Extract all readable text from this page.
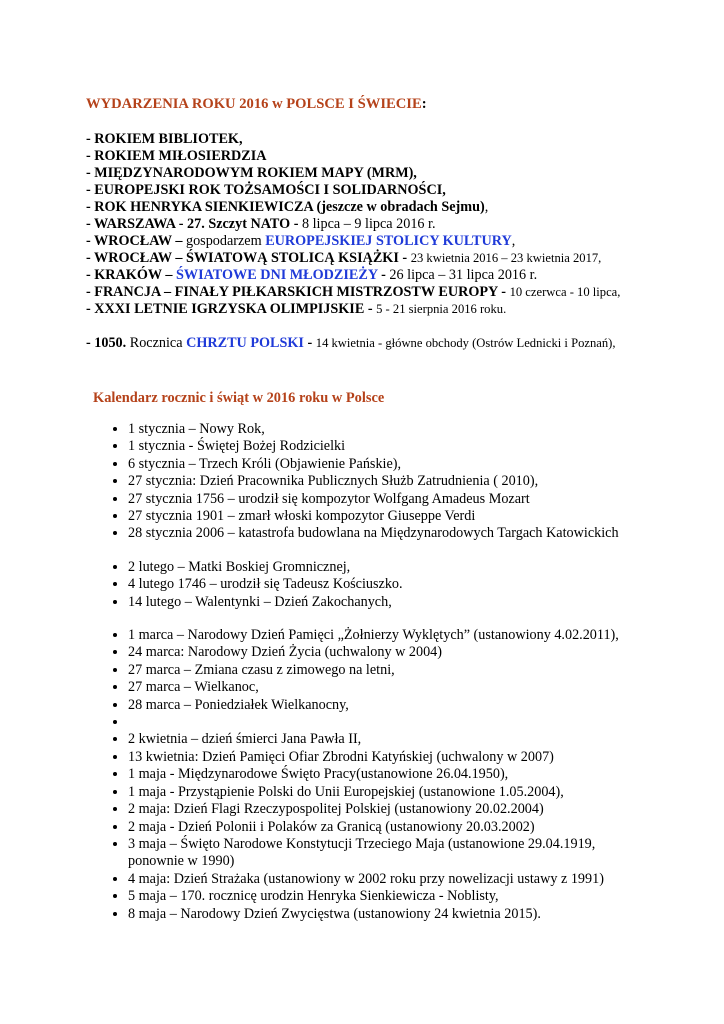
WYDARZENIA ROKU 2016 w POLSCE I ŚWIECIE:
- ROKIEM BIBLIOTEK,
- ROKIEM MIŁOSIERDZIA
- MIĘDZYNARODOWYM ROKIEM MAPY (MRM),
- EUROPEJSKI ROK TOŻSAMOŚCI I SOLIDARNOŚCI,
- ROK HENRYKA SIENKIEWICZA (jeszcze w obradach Sejmu),
- WARSZAWA - 27. Szczyt NATO - 8 lipca – 9 lipca 2016 r.
- WROCŁAW – gospodarzem EUROPEJSKIEJ STOLICY KULTURY,
- WROCŁAW – ŚWIATOWĄ STOLICĄ KSIĄŻKI - 23 kwietnia 2016 – 23 kwietnia 2017,
- KRAKÓW – ŚWIATOWE DNI MŁODZIEŻY - 26 lipca – 31 lipca 2016 r.
- FRANCJA – FINAŁY PIŁKARSKICH MISTRZOSTW EUROPY - 10 czerwca - 10 lipca,
- XXXI LETNIE IGRZYSKA OLIMPIJSKIE - 5 - 21 sierpnia 2016 roku.
- 1050. Rocznica CHRZTU POLSKI - 14 kwietnia - główne obchody (Ostrów Lednicki i Poznań),
Kalendarz rocznic i świąt w 2016 roku w Polsce
• 1 stycznia – Nowy Rok,
• 1 stycznia - Świętej Bożej Rodzicielki
• 6 stycznia – Trzech Króli (Objawienie Pańskie),
• 27 stycznia: Dzień Pracownika Publicznych Służb Zatrudnienia ( 2010),
• 27 stycznia 1756 – urodził się kompozytor Wolfgang Amadeus Mozart
• 27 stycznia 1901 – zmarł włoski kompozytor Giuseppe Verdi
• 28 stycznia 2006 – katastrofa budowlana na Międzynarodowych Targach Katowickich
• 2 lutego – Matki Boskiej Gromnicznej,
• 4 lutego 1746 – urodził się Tadeusz Kościuszko.
• 14 lutego – Walentynki – Dzień Zakochanych,
• 1 marca – Narodowy Dzień Pamięci „Żołnierzy Wyklętych” (ustanowiony 4.02.2011),
• 24 marca: Narodowy Dzień Życia (uchwalony w 2004)
• 27 marca – Zmiana czasu z zimowego na letni,
• 27 marca – Wielkanoc,
• 28 marca – Poniedziałek Wielkanocny,
•
• 2 kwietnia – dzień śmierci Jana Pawła II,
• 13 kwietnia: Dzień Pamięci Ofiar Zbrodni Katyńskiej (uchwalony w 2007)
• 1 maja - Międzynarodowe Święto Pracy(ustanowione 26.04.1950),
• 1 maja - Przystąpienie Polski do Unii Europejskiej (ustanowione 1.05.2004),
• 2 maja: Dzień Flagi Rzeczypospolitej Polskiej (ustanowiony 20.02.2004)
• 2 maja - Dzień Polonii i Polaków za Granicą (ustanowiony 20.03.2002)
• 3 maja – Święto Narodowe Konstytucji Trzeciego Maja (ustanowione 29.04.1919, ponownie w 1990)
• 4 maja: Dzień Strażaka (ustanowiony w 2002 roku przy nowelizacji ustawy z 1991)
• 5 maja – 170. rocznicę urodzin Henryka Sienkiewicza - Noblisty,
• 8 maja – Narodowy Dzień Zwycięstwa (ustanowiony 24 kwietnia 2015).
